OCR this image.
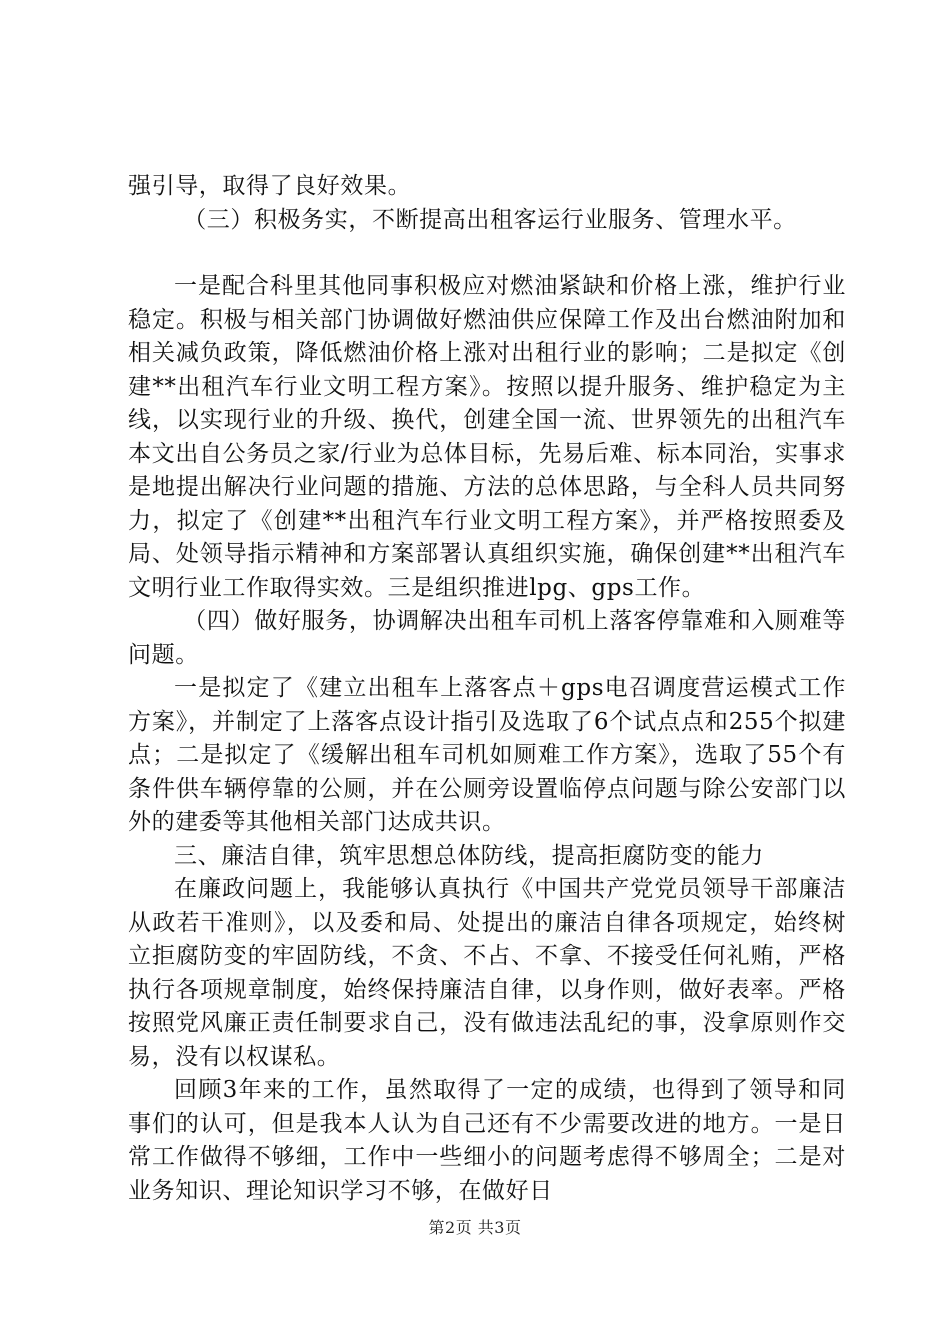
强引导，取得了良好效果。

（三）积极务实，不断提高出租客运行业服务、管理水平。

一是配合科里其他同事积极应对燃油紧缺和价格上涨，维护行业稳定。积极与相关部门协调做好燃油供应保障工作及出台燃油附加和相关减负政策，降低燃油价格上涨对出租行业的影响；二是拟定《创建**出租汽车行业文明工程方案》。按照以提升服务、维护稳定为主线，以实现行业的升级、换代，创建全国一流、世界领先的出租汽车本文出自公务员之家/行业为总体目标，先易后难、标本同治，实事求是地提出解决行业问题的措施、方法的总体思路，与全科人员共同努力，拟定了《创建**出租汽车行业文明工程方案》，并严格按照委及局、处领导指示精神和方案部署认真组织实施，确保创建**出租汽车文明行业工作取得实效。三是组织推进lpg、gps工作。

（四）做好服务，协调解决出租车司机上落客停靠难和入厕难等问题。

一是拟定了《建立出租车上落客点＋gps电召调度营运模式工作方案》，并制定了上落客点设计指引及选取了6个试点点和255个拟建点；二是拟定了《缓解出租车司机如厕难工作方案》，选取了55个有条件供车辆停靠的公厕，并在公厕旁设置临停点问题与除公安部门以外的建委等其他相关部门达成共识。

三、廉洁自律，筑牢思想总体防线，提高拒腐防变的能力

在廉政问题上，我能够认真执行《中国共产党党员领导干部廉洁从政若干准则》，以及委和局、处提出的廉洁自律各项规定，始终树立拒腐防变的牢固防线，不贪、不占、不拿、不接受任何礼贿，严格执行各项规章制度，始终保持廉洁自律，以身作则，做好表率。严格按照党风廉正责任制要求自己，没有做违法乱纪的事，没拿原则作交易，没有以权谋私。

回顾3年来的工作，虽然取得了一定的成绩，也得到了领导和同事们的认可，但是我本人认为自己还有不少需要改进的地方。一是日常工作做得不够细，工作中一些细小的问题考虑得不够周全；二是对业务知识、理论知识学习不够，在做好日

第2页 共3页
